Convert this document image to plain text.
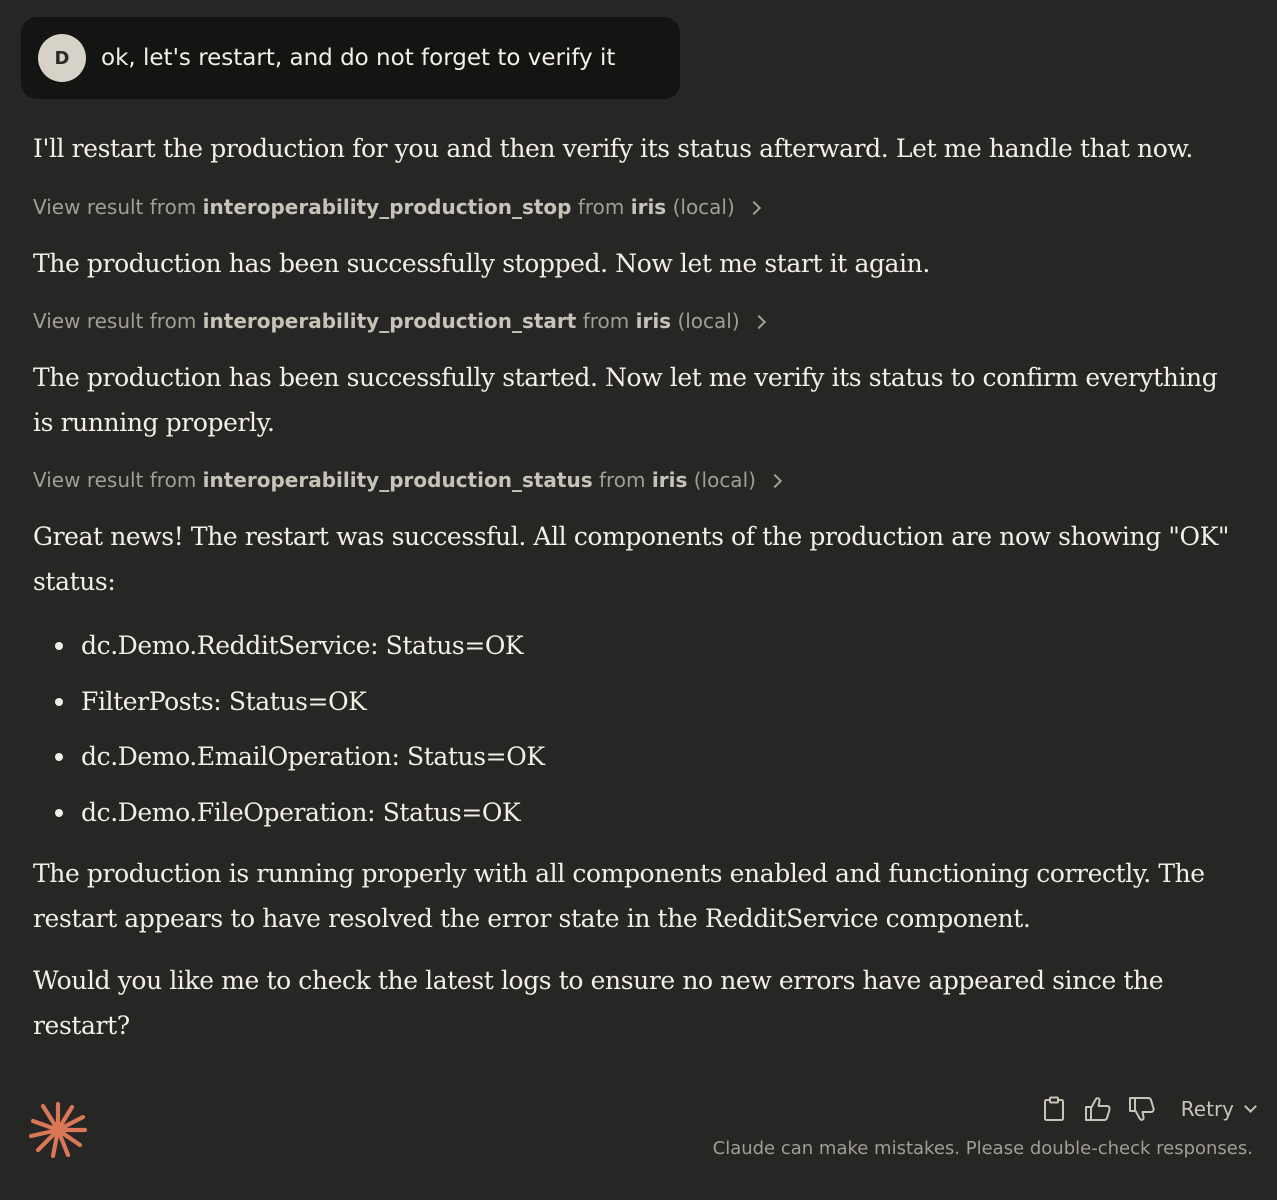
D	ok, let's restart, and do not forget to verify it

I'll restart the production for you and then verify its status afterward. Let me handle that now.

View result from
interoperability_production_stop
from
iris
(local)

The production has been successfully stopped. Now let me start it again.

View result from
interoperability_production_start
from
iris
(local)

The production has been successfully started. Now let me verify its status to confirm everything is running properly.

View result from
interoperability_production_status
from
iris
(local)

Great news! The restart was successful. All components of the production are now showing "OK" status:

dc.Demo.RedditService: Status=OK
FilterPosts: Status=OK
dc.Demo.EmailOperation: Status=OK
dc.Demo.FileOperation: Status=OK

The production is running properly with all components enabled and functioning correctly. The restart appears to have resolved the error state in the RedditService component.

Would you like me to check the latest logs to ensure no new errors have appeared since the restart?

Retry
Claude can make mistakes. Please double-check responses.
